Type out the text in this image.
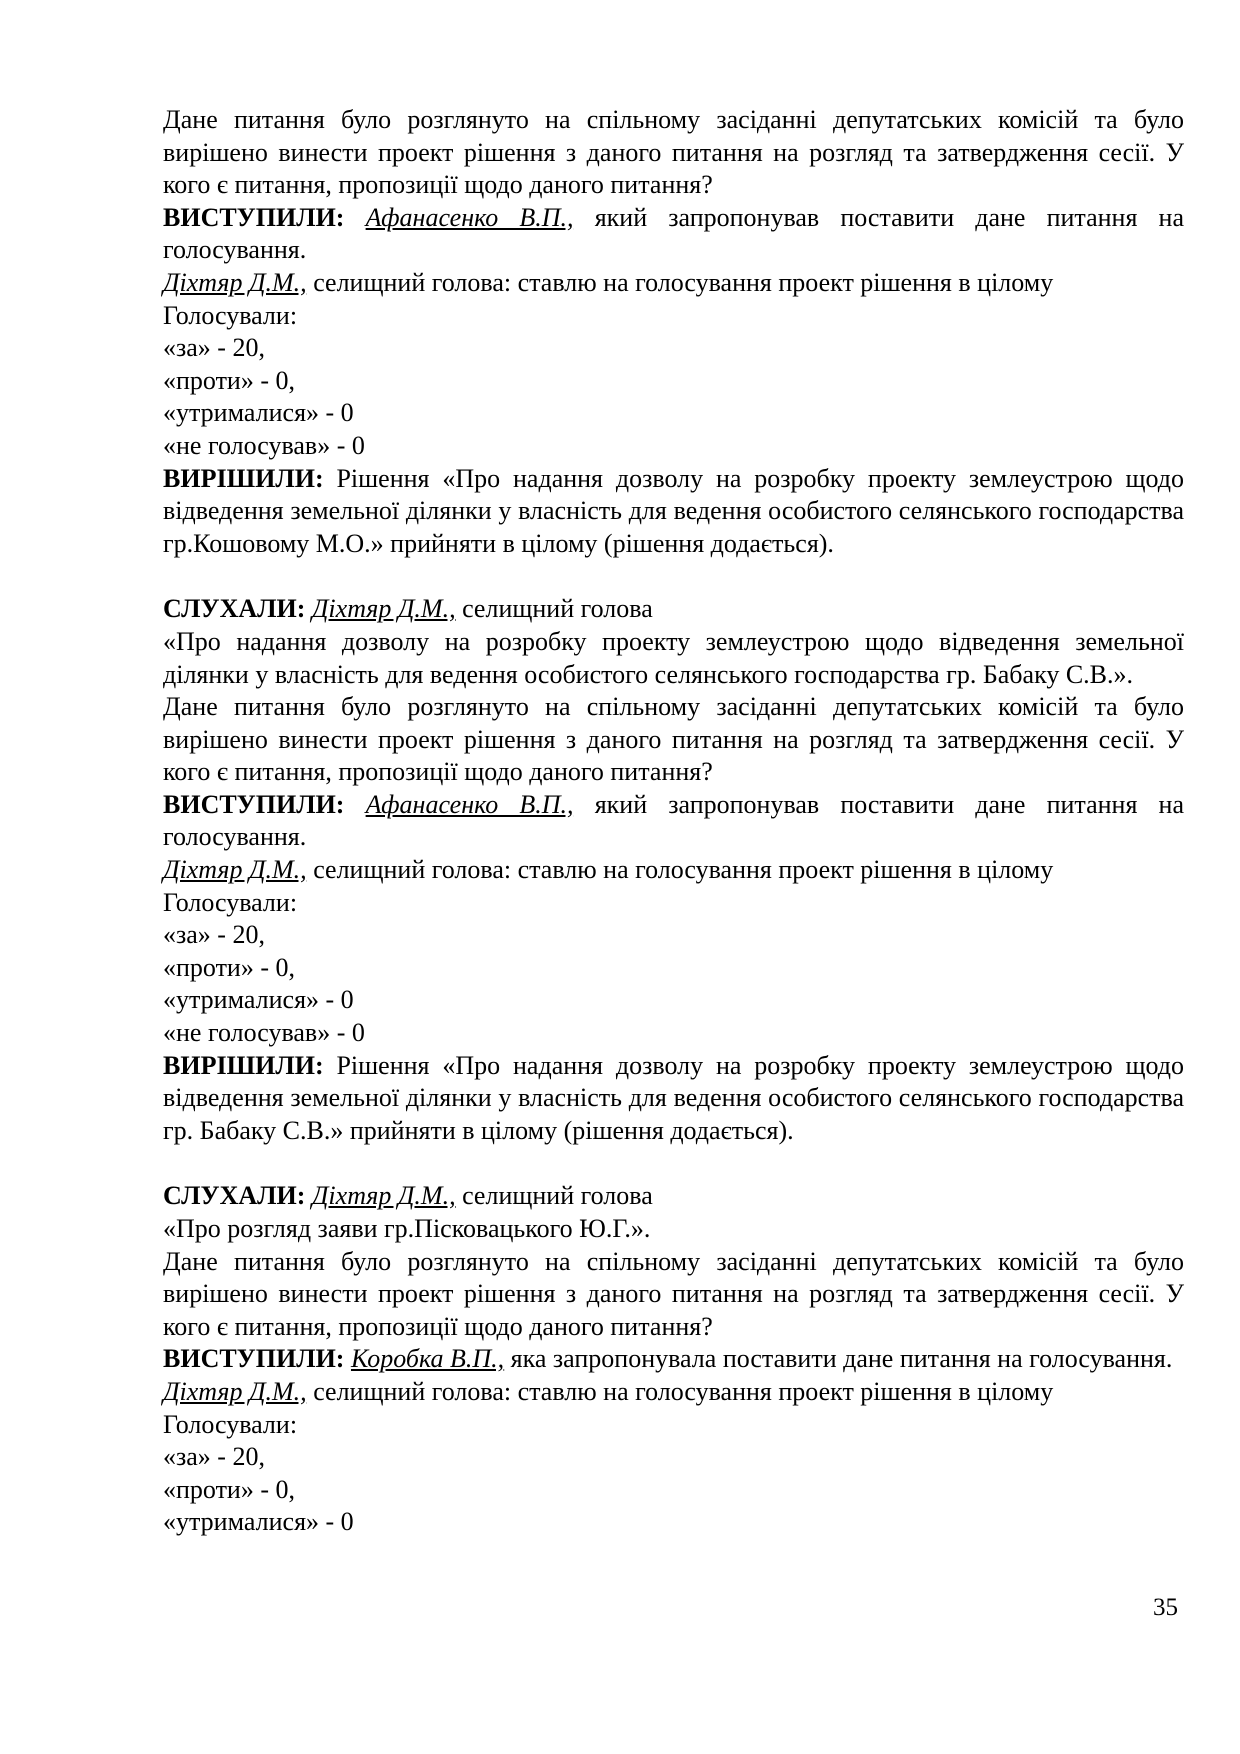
Дане питання було розглянуто на спільному засіданні депутатських комісій та було вирішено винести проект рішення з даного питання на розгляд та затвердження сесії. У кого є питання, пропозиції щодо даного питання?

ВИСТУПИЛИ: Афанасенко В.П., який запропонував поставити дане питання на голосування.

Діхтяр Д.М., селищний голова: ставлю на голосування проект рішення в цілому

Голосували:

«за» - 20,

«проти» - 0,

«утрималися» - 0

«не голосував» - 0

ВИРІШИЛИ: Рішення «Про надання дозволу на розробку проекту землеустрою щодо відведення земельної ділянки у власність для ведення особистого селянського господарства гр.Кошовому М.О.» прийняти в цілому (рішення додається).

СЛУХАЛИ: Діхтяр Д.М., селищний голова

«Про надання дозволу на розробку проекту землеустрою щодо відведення земельної ділянки у власність для ведення особистого селянського господарства гр. Бабаку С.В.».

Дане питання було розглянуто на спільному засіданні депутатських комісій та було вирішено винести проект рішення з даного питання на розгляд та затвердження сесії. У кого є питання, пропозиції щодо даного питання?

ВИСТУПИЛИ: Афанасенко В.П., який запропонував поставити дане питання на голосування.

Діхтяр Д.М., селищний голова: ставлю на голосування проект рішення в цілому

Голосували:

«за» - 20,

«проти» - 0,

«утрималися» - 0

«не голосував» - 0

ВИРІШИЛИ: Рішення «Про надання дозволу на розробку проекту землеустрою щодо відведення земельної ділянки у власність для ведення особистого селянського господарства гр. Бабаку С.В.» прийняти в цілому (рішення додається).

СЛУХАЛИ: Діхтяр Д.М., селищний голова

«Про розгляд заяви гр.Пісковацького Ю.Г.».

Дане питання було розглянуто на спільному засіданні депутатських комісій та було вирішено винести проект рішення з даного питання на розгляд та затвердження сесії. У кого є питання, пропозиції щодо даного питання?

ВИСТУПИЛИ: Коробка В.П., яка запропонувала поставити дане питання на голосування.

Діхтяр Д.М., селищний голова: ставлю на голосування проект рішення в цілому

Голосували:

«за» - 20,

«проти» - 0,

«утрималися» - 0

35
